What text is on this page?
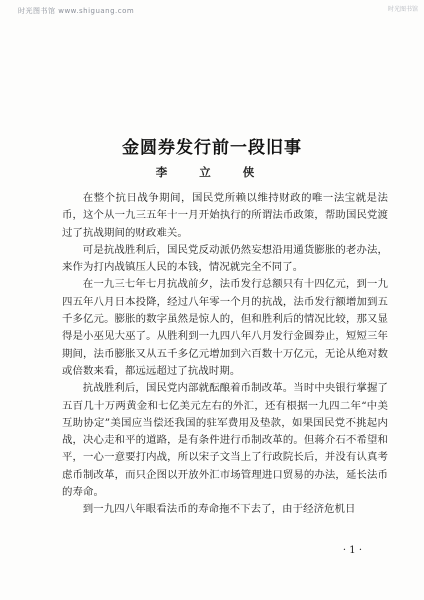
时光图书馆 www.shiguang.com	时光图书馆
金圆券发行前一段旧事
李 立 侠

在整个抗日战争期间，国民党所赖以维持财政的唯一法宝就是法币，这个从一九三五年十一月开始执行的所谓法币政策，帮助国民党渡过了抗战期间的财政难关。

可是抗战胜利后，国民党反动派仍然妄想沿用通货膨胀的老办法，来作为打内战镇压人民的本钱，情况就完全不同了。

在一九三七年七月抗战前夕，法币发行总额只有十四亿元，到一九四五年八月日本投降，经过八年零一个月的抗战，法币发行额增加到五千多亿元。膨胀的数字虽然是惊人的，但和胜利后的情况比较，那又显得是小巫见大巫了。从胜利到一九四八年八月发行金圆券止，短短三年期间，法币膨胀又从五千多亿元增加到六百数十万亿元，无论从绝对数或倍数来看，都远远超过了抗战时期。

抗战胜利后，国民党内部就酝酿着币制改革。当时中央银行掌握了五百几十万两黄金和七亿美元左右的外汇，还有根据一九四二年“中美互助协定”美国应当偿还我国的驻军费用及垫款，如果国民党不挑起内战，决心走和平的道路，是有条件进行币制改革的。但蒋介石不希望和平，一心一意要打内战，所以宋子文当上了行政院长后，并没有认真考虑币制改革，而只企图以开放外汇市场管理进口贸易的办法，延长法币的寿命。

到一九四八年眼看法币的寿命拖不下去了，由于经济危机日

· 1 ·
